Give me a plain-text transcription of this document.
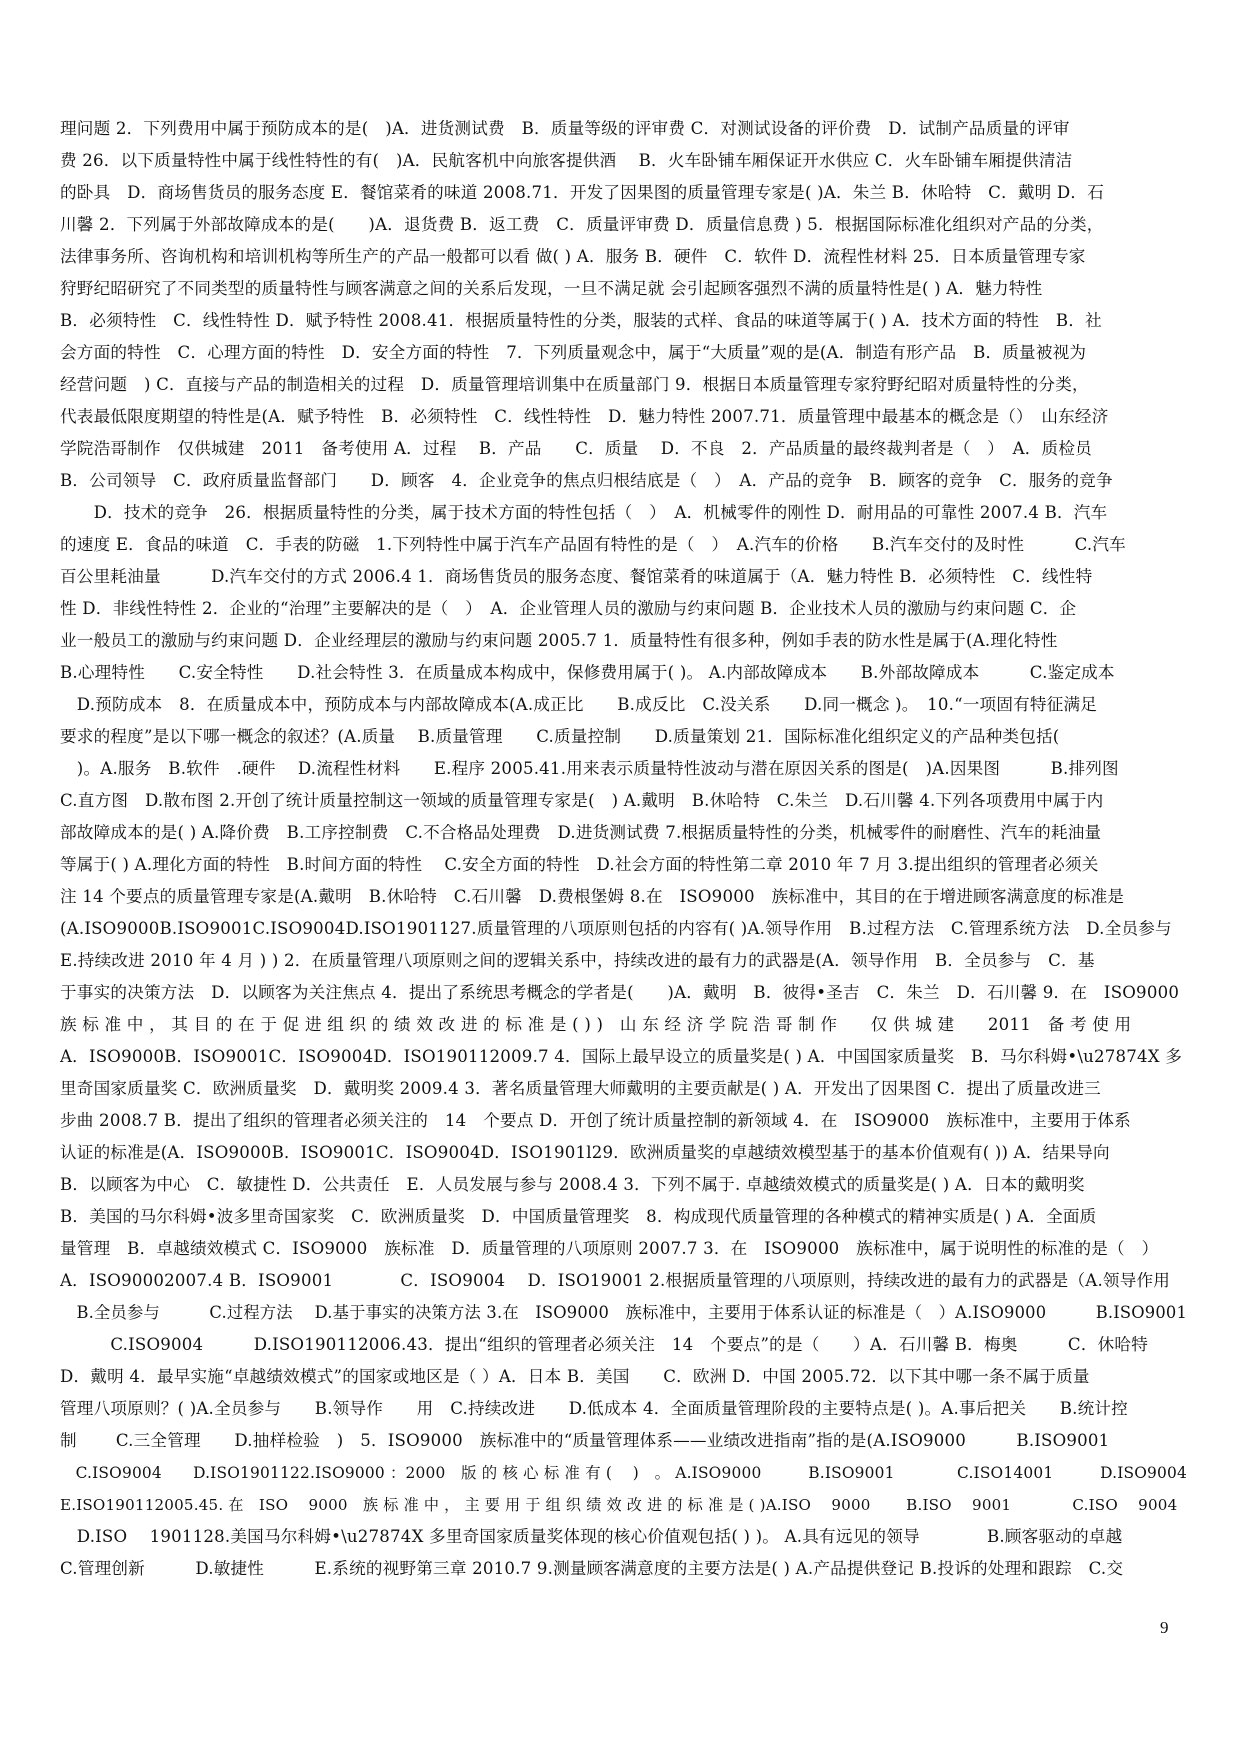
理问题 2．下列费用中属于预防成本的是(　)A．进货测试费　B．质量等级的评审费 C．对测试设备的评价费　D．试制产品质量的评审
费 26．以下质量特性中属于线性特性的有(　)A．民航客机中向旅客提供酒　 B．火车卧铺车厢保证开水供应 C．火车卧铺车厢提供清洁
的卧具　D．商场售货员的服务态度 E．餐馆菜肴的味道 2008.71．开发了因果图的质量管理专家是( )A．朱兰 B．休哈特　C．戴明 D．石
川馨 2．下列属于外部故障成本的是(　　)A．退货费 B．返工费　C．质量评审费 D．质量信息费 ) 5．根据国际标准化组织对产品的分类，
法律事务所、咨询机构和培训机构等所生产的产品一般都可以看 做( ) A．服务 B．硬件　C．软件 D．流程性材料 25．日本质量管理专家
狩野纪昭研究了不同类型的质量特性与顾客满意之间的关系后发现，一旦不满足就 会引起顾客强烈不满的质量特性是( ) A．魅力特性
B．必须特性　C．线性特性 D．赋予特性 2008.41．根据质量特性的分类，服装的式样、食品的味道等属于( ) A．技术方面的特性　B．社
会方面的特性　C．心理方面的特性　D．安全方面的特性　7．下列质量观念中，属于“大质量”观的是(A．制造有形产品　B．质量被视为
经营问题　) C．直接与产品的制造相关的过程　D．质量管理培训集中在质量部门 9．根据日本质量管理专家狩野纪昭对质量特性的分类，
代表最低限度期望的特性是(A．赋予特性　B．必须特性　C．线性特性　D．魅力特性 2007.71．质量管理中最基本的概念是（）　山东经济
学院浩哥制作　仅供城建　2011　备考使用 A．过程　 B．产品　　C．质量　 D．不良　2．产品质量的最终裁判者是（　）　A．质检员
B．公司领导　C．政府质量监督部门　　D．顾客　4．企业竞争的焦点归根结底是（　）　A．产品的竞争　B．顾客的竞争　C．服务的竞争
　　D．技术的竞争　26．根据质量特性的分类，属于技术方面的特性包括（　）　A．机械零件的刚性 D．耐用品的可靠性 2007.4 B．汽车
的速度 E．食品的味道　C．手表的防磁　1.下列特性中属于汽车产品固有特性的是（　）　A.汽车的价格　　B.汽车交付的及时性　　　C.汽车
百公里耗油量　　　D.汽车交付的方式 2006.4 1．商场售货员的服务态度、餐馆菜肴的味道属于（A．魅力特性 B．必须特性　C．线性特
性 D．非线性特性 2．企业的“治理”主要解决的是（　）　A．企业管理人员的激励与约束问题 B．企业技术人员的激励与约束问题 C．企
业一般员工的激励与约束问题 D．企业经理层的激励与约束问题 2005.7 1．质量特性有很多种，例如手表的防水性是属于(A.理化特性
B.心理特性　　C.安全特性　　D.社会特性 3．在质量成本构成中，保修费用属于( )。 A.内部故障成本　　B.外部故障成本　　　C.鉴定成本
　D.预防成本　8．在质量成本中，预防成本与内部故障成本(A.成正比　　B.成反比　C.没关系　　D.同一概念 )。　10.“一项固有特征满足
要求的程度”是以下哪一概念的叙述？(A.质量　 B.质量管理　　C.质量控制　　D.质量策划 21．国际标准化组织定义的产品种类包括(
　)。A.服务　B.软件　.硬件　 D.流程性材料　　E.程序 2005.41.用来表示质量特性波动与潜在原因关系的图是(　)A.因果图　　　B.排列图
C.直方图　D.散布图 2.开创了统计质量控制这一领域的质量管理专家是(　) A.戴明　B.休哈特　C.朱兰　D.石川馨 4.下列各项费用中属于内
部故障成本的是( ) A.降价费　B.工序控制费　C.不合格品处理费　D.进货测试费 7.根据质量特性的分类，机械零件的耐磨性、汽车的耗油量
等属于( ) A.理化方面的特性　B.时间方面的特性　 C.安全方面的特性　D.社会方面的特性第二章 2010 年 7 月 3.提出组织的管理者必须关
注 14 个要点的质量管理专家是(A.戴明　B.休哈特　C.石川馨　D.费根堡姆 8.在　ISO9000　族标准中，其目的在于增进顾客满意度的标准是
(A.ISO9000B.ISO9001C.ISO9004D.ISO1901127.质量管理的八项原则包括的内容有( )A.领导作用　B.过程方法　C.管理系统方法　D.全员参与
E.持续改进 2010 年 4 月 ) ) 2．在质量管理八项原则之间的逻辑关系中，持续改进的最有力的武器是(A．领导作用　B．全员参与　C．基
于事实的决策方法　D．以顾客为关注焦点 4．提出了系统思考概念的学者是(　　)A．戴明　B．彼得•圣吉　C．朱兰　D．石川馨 9．在　ISO9000
族 标 准 中 ， 其 目 的 在 于 促 进 组 织 的 绩 效 改 进 的 标 准 是 ( ) )　山 东 经 济 学 院 浩 哥 制 作　　仅 供 城 建　　2011　备 考 使 用
A．ISO9000B．ISO9001C．ISO9004D．ISO190112009.7 4．国际上最早设立的质量奖是( ) A．中国国家质量奖　B．马尔科姆•\u27874X 多
里奇国家质量奖 C．欧洲质量奖　D．戴明奖 2009.4 3．著名质量管理大师戴明的主要贡献是( ) A．开发出了因果图 C．提出了质量改进三
步曲 2008.7 B．提出了组织的管理者必须关注的　14　个要点 D．开创了统计质量控制的新领域 4．在　ISO9000　族标准中，主要用于体系
认证的标准是(A．ISO9000B．ISO9001C．ISO9004D．ISO1901l29．欧洲质量奖的卓越绩效模型基于的基本价值观有( )) A．结果导向
B．以顾客为中心　C．敏捷性 D．公共责任　E．人员发展与参与 2008.4 3．下列不属于. 卓越绩效模式的质量奖是( ) A．日本的戴明奖
B．美国的马尔科姆•波多里奇国家奖　C．欧洲质量奖　D．中国质量管理奖　8．构成现代质量管理的各种模式的精神实质是( ) A．全面质
量管理　B．卓越绩效模式 C．ISO9000　族标准　D．质量管理的八项原则 2007.7 3．在　ISO9000　族标准中，属于说明性的标准的是（　）
A．ISO90002007.4 B．ISO9001　　　　C．ISO9004　 D．ISO19001 2.根据质量管理的八项原则，持续改进的最有力的武器是（A.领导作用
　B.全员参与　　　C.过程方法　 D.基于事实的决策方法 3.在　ISO9000　族标准中，主要用于体系认证的标准是（　）A.ISO9000　　　B.ISO9001
　　　C.ISO9004　　　D.ISO190112006.43．提出“组织的管理者必须关注　14　个要点”的是（　　）A．石川馨 B．梅奥　　　C．休哈特
D．戴明 4．最早实施“卓越绩效模式”的国家或地区是（ ）A．日本 B．美国　　C．欧洲 D．中国 2005.72．以下其中哪一条不属于质量
管理八项原则？( )A.全员参与　　B.领导作　　用　C.持续改进　　D.低成本 4．全面质量管理阶段的主要特点是( )。A.事后把关　　B.统计控
制　　 C.三全管理　　D.抽样检验　)　5．ISO9000　族标准中的“质量管理体系——业绩改进指南”指的是(A.ISO9000　　　B.ISO9001
　C.ISO9004　　D.ISO1901122.ISO9000 ：2000　版 的 核 心 标 准 有 (　 )　。 A.ISO9000　　　B.ISO9001　　　　C.ISO14001　　　D.ISO9004
E.ISO190112005.45. 在　ISO　 9000　族 标 准 中 ， 主 要 用 于 组 织 绩 效 改 进 的 标 准 是 ( )A.ISO　 9000　　 B.ISO　 9001　　　　C.ISO　 9004
　D.ISO　 1901128.美国马尔科姆•\u27874X 多里奇国家质量奖体现的核心价值观包括( ) )。 A.具有远见的领导　　　　B.顾客驱动的卓越
C.管理创新　　　D.敏捷性　　　E.系统的视野第三章 2010.7 9.测量顾客满意度的主要方法是( ) A.产品提供登记 B.投诉的处理和跟踪　C.交
9
